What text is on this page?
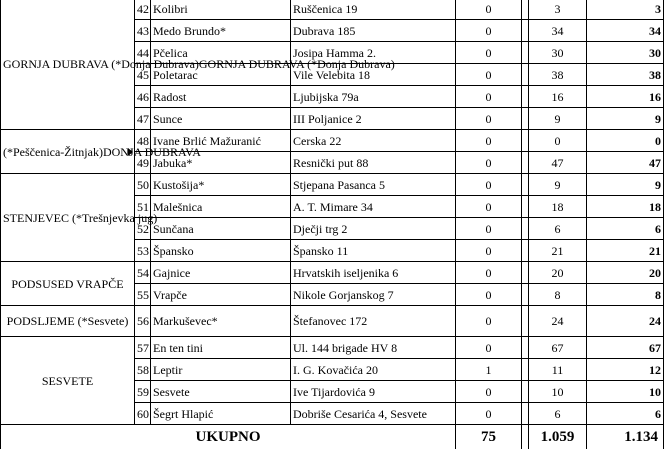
GORNJA DUBRAVA (*Donja Dubrava)GORNJA DUBRAVA (*Donja Dubrava)	42	Kolibri	Ruščenica 19	0		3	3
	43	Medo Brundo*	Dubrava 185	0		34	34
	44	Pčelica	Josipa Hamma 2.	0		30	30
	45	Poletarac	Vile Velebita 18	0		38	38
	46	Radost	Ljubijska 79a	0		16	16
	47	Sunce	III Poljanice 2	0		9	9
(*Peščenica-Žitnjak)DONJA DUBRAVA	48	Ivane Brlić Mažuranić	Cerska 22	0		0	0
	49	Jabuka*	Resnički put 88	0		47	47
STENJEVEC (*Trešnjevka jug)	50	Kustošija*	Stjepana Pasanca 5	0		9	9
	51	Malešnica	A. T. Mimare 34	0		18	18
	52	Sunčana	Dječji trg 2	0		6	6
	53	Špansko	Špansko 11	0		21	21
PODSUSED VRAPČE	54	Gajnice	Hrvatskih iseljenika 6	0		20	20
	55	Vrapče	Nikole Gorjanskog 7	0		8	8
PODSLJEME (*Sesvete)	56	Markuševec*	Štefanovec 172	0		24	24
SESVETE	57	En ten tini	Ul. 144 brigade HV 8	0		67	67
	58	Leptir	I. G. Kovačića 20	1		11	12
	59	Sesvete	Ive Tijardovića 9	0		10	10
	60	Šegrt Hlapić	Dobriše Cesarića 4, Sesvete	0		6	6
UKUPNO				75		1.059	1.134
